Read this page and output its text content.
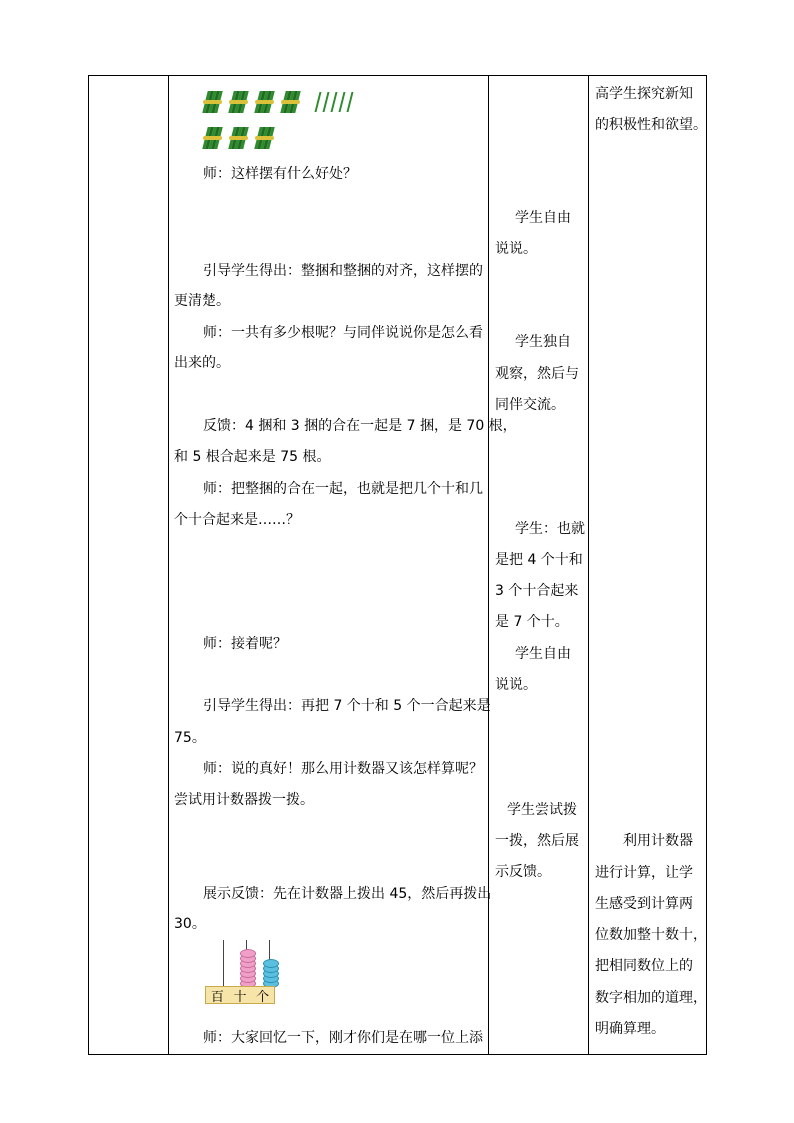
师：这样摆有什么好处？
引导学生得出：整捆和整捆的对齐，这样摆的
更清楚。
师：一共有多少根呢？与同伴说说你是怎么看
出来的。
反馈：4 捆和 3 捆的合在一起是 7 捆，是 70 根，
和 5 根合起来是 75 根。
师：把整捆的合在一起，也就是把几个十和几
个十合起来是……？
师：接着呢？
引导学生得出：再把 7 个十和 5 个一合起来是
75。
师：说的真好！那么用计数器又该怎样算呢？
尝试用计数器拨一拨。
展示反馈：先在计数器上拨出 45，然后再拨出
30。
百 十 个
师：大家回忆一下，刚才你们是在哪一位上添
学生自由
说说。
学生独自
观察，然后与
同伴交流。
学生：也就
是把 4 个十和
3 个十合起来
是 7 个十。
学生自由
说说。
学生尝试拨
一拨，然后展
示反馈。
高学生探究新知
的积极性和欲望。
利用计数器
进行计算，让学
生感受到计算两
位数加整十数十，
把相同数位上的
数字相加的道理，
明确算理。
